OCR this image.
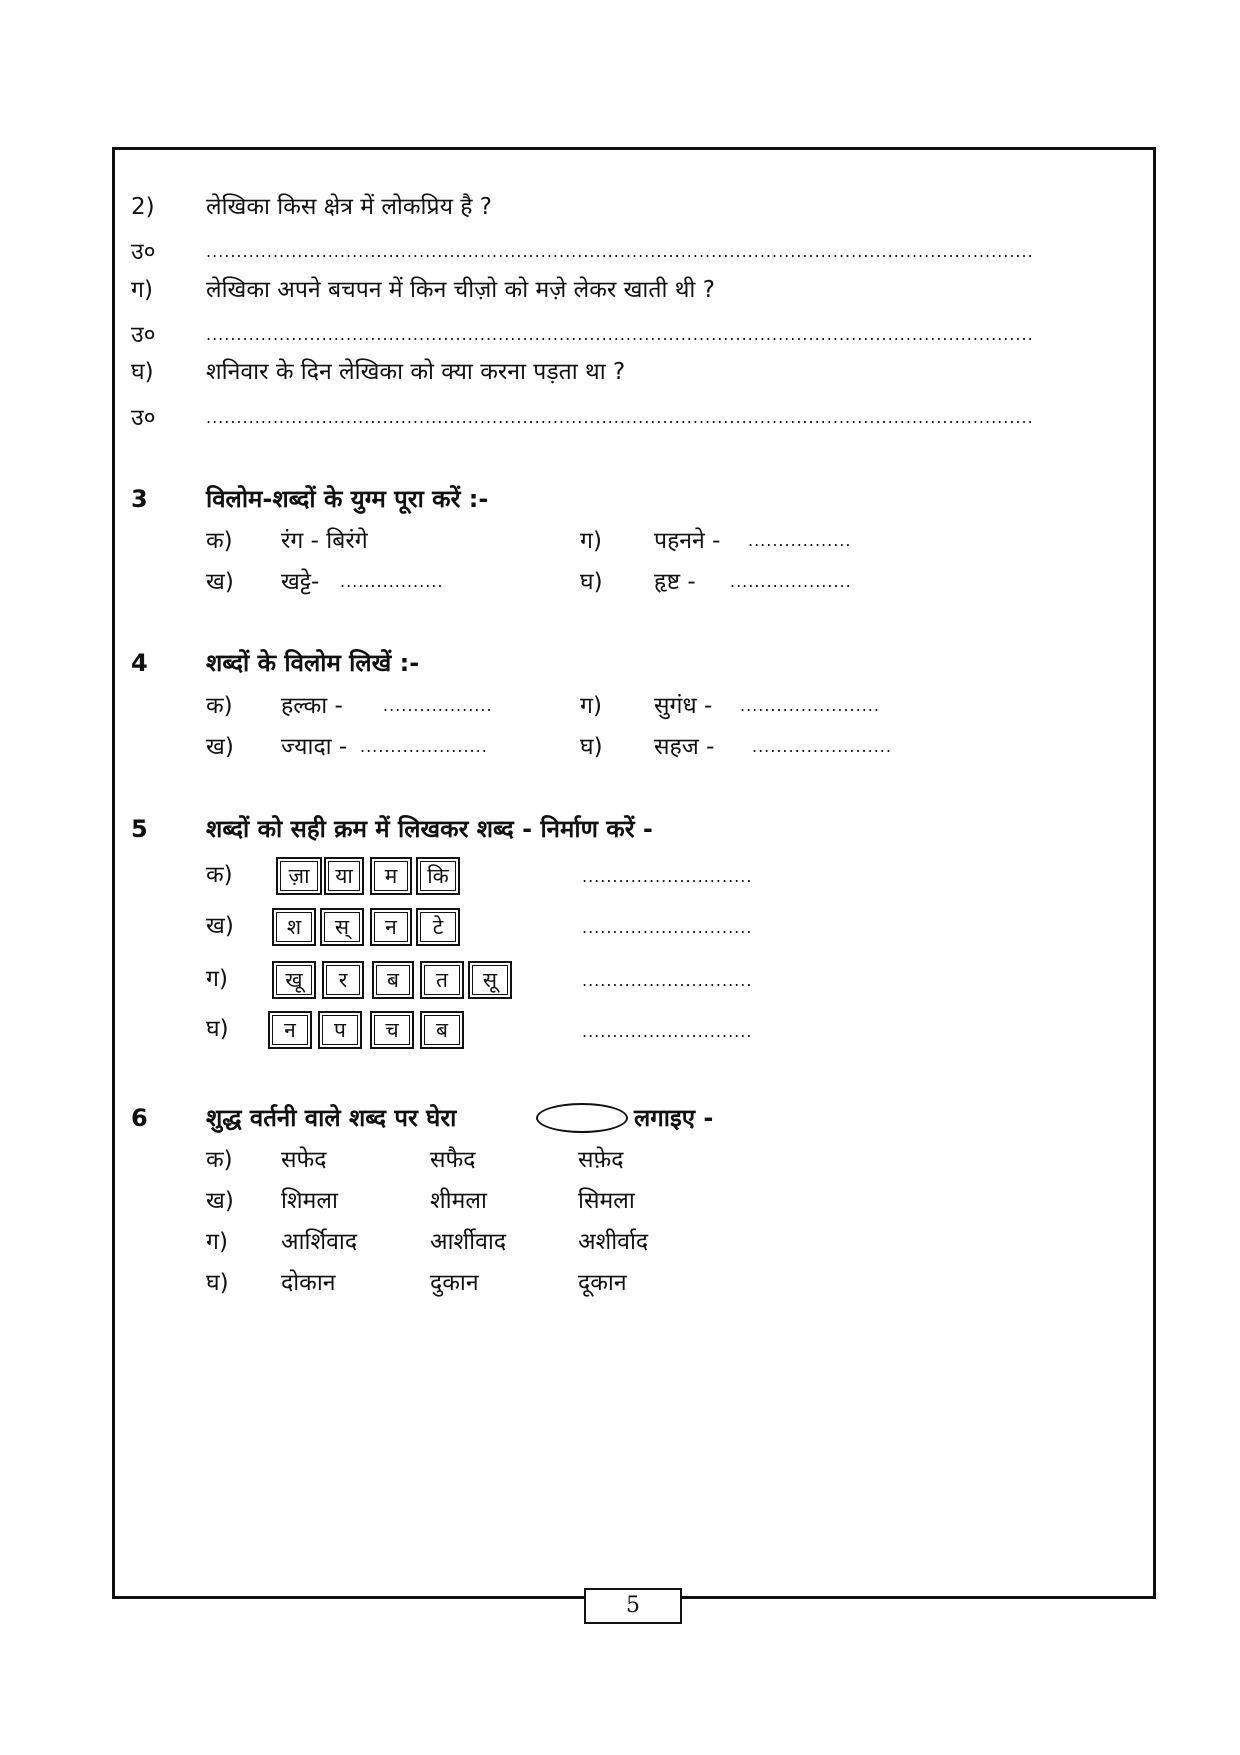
2) लेखिका किस क्षेत्र में लोकप्रिय है ?
उ०	........................................................................................................................................
ग) लेखिका अपने बचपन में किन चीज़ो को मज़े लेकर खाती थी ?
उ०	........................................................................................................................................
घ) शनिवार के दिन लेखिका को क्या करना पड़ता था ?
उ०	........................................................................................................................................
3 विलोम-शब्दों के युग्म पूरा करें :-
क) रंग - बिरंगे	ग) पहनने - .................
ख) खट्टे- .................	घ) हृष्ट - ....................
4 शब्दों के विलोम लिखें :-
क) हल्का -	..................	ग) सुगंध - .......................
ख) ज्यादा - .....................	घ) सहज - .......................
5 शब्दों को सही क्रम में लिखकर शब्द - निर्माण करें -
क)	ज़ा	या	म	कि	............................
ख)	श	स्	न	टे	............................
ग)	खू	र	ब	त	सू	............................
घ)	न	प	च	ब	............................
6 शुद्ध वर्तनी वाले शब्द पर घेरा	लगाइए -
क) सफेद	सफैद	सफ़ेद
ख) शिमला	शीमला	सिमला
ग) आर्शिवाद	आर्शीवाद	अशीर्वाद
घ) दोकान	दुकान	दूकान
5
